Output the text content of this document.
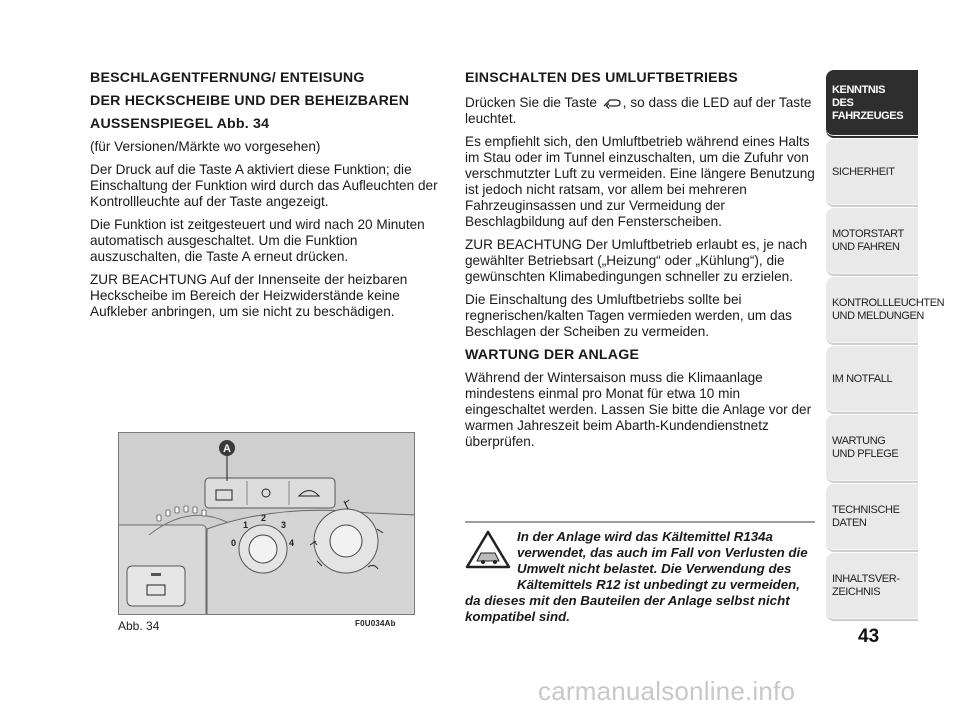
BESCHLAGENTFERNUNG/ ENTEISUNG

DER HECKSCHEIBE UND DER BEHEIZBAREN

AUSSENSPIEGEL Abb. 34

(für Versionen/Märkte wo vorgesehen)

Der Druck auf die Taste A aktiviert diese Funktion; die Einschaltung der Funktion wird durch das Aufleuchten der Kontrollleuchte auf der Taste angezeigt.

Die Funktion ist zeitgesteuert und wird nach 20 Minuten automatisch ausgeschaltet. Um die Funktion auszuschalten, die Taste A erneut drücken.

ZUR BEACHTUNG Auf der Innenseite der heizbaren Heckscheibe im Bereich der Heizwiderstände keine Aufkleber anbringen, um sie nicht zu beschädigen.

EINSCHALTEN DES UMLUFTBETRIEBS

Drücken Sie die Taste , so dass die LED auf der Taste leuchtet.

Es empfiehlt sich, den Umluftbetrieb während eines Halts im Stau oder im Tunnel einzuschalten, um die Zufuhr von verschmutzter Luft zu vermeiden. Eine längere Benutzung ist jedoch nicht ratsam, vor allem bei mehreren Fahrzeuginsassen und zur Vermeidung der Beschlagbildung auf den Fensterscheiben.

ZUR BEACHTUNG Der Umluftbetrieb erlaubt es, je nach gewählter Betriebsart („Heizung“ oder „Kühlung“), die gewünschten Klimabedingungen schneller zu erzielen.

Die Einschaltung des Umluftbetriebs sollte bei regnerischen/kalten Tagen vermieden werden, um das Beschlagen der Scheiben zu vermeiden.

WARTUNG DER ANLAGE

Während der Wintersaison muss die Klimaanlage mindestens einmal pro Monat für etwa 10 min eingeschaltet werden. Lassen Sie bitte die Anlage vor der warmen Jahreszeit beim Abarth-Kundendienstnetz überprüfen.

A
0
1
2
3
4
Abb. 34	F0U034Ab
In der Anlage wird das Kältemittel R134a verwendet, das auch im Fall von Verlusten die Umwelt nicht belastet. Die Verwendung des Kältemittels R12 ist unbedingt zu vermeiden, da dieses mit den Bauteilen der Anlage selbst nicht kompatibel sind.
KENNTNIS
DES FAHRZEUGES
SICHERHEIT
MOTORSTART
UND FAHREN
KONTROLLLEUCHTEN
UND MELDUNGEN
IM NOTFALL
WARTUNG
UND PFLEGE
TECHNISCHE
DATEN
INHALTSVER-
ZEICHNIS
43
carmanualsonline.info
